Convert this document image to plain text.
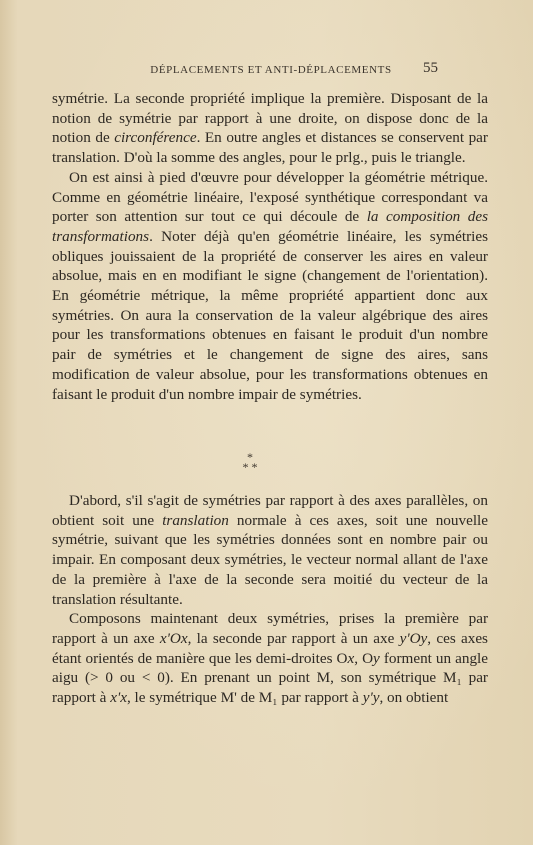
DÉPLACEMENTS ET ANTI-DÉPLACEMENTS	55

symétrie. La seconde propriété implique la première. Disposant de la notion de symétrie par rapport à une droite, on dispose donc de la notion de circonférence. En outre angles et distances se conservent par translation. D'où la somme des angles, pour le prlg., puis le triangle.

On est ainsi à pied d'œuvre pour développer la géométrie métrique. Comme en géométrie linéaire, l'exposé synthétique correspondant va porter son attention sur tout ce qui découle de la composition des transformations. Noter déjà qu'en géométrie linéaire, les symétries obliques jouissaient de la propriété de conserver les aires en valeur absolue, mais en en modifiant le signe (changement de l'orientation). En géométrie métrique, la même propriété appartient donc aux symétries. On aura la conservation de la valeur algébrique des aires pour les transformations obtenues en faisant le produit d'un nombre pair de symétries et le changement de signe des aires, sans modification de valeur absolue, pour les transformations obtenues en faisant le produit d'un nombre impair de symétries.

*
* *

D'abord, s'il s'agit de symétries par rapport à des axes parallèles, on obtient soit une translation normale à ces axes, soit une nouvelle symétrie, suivant que les symétries données sont en nombre pair ou impair. En composant deux symétries, le vecteur normal allant de l'axe de la première à l'axe de la seconde sera moitié du vecteur de la translation résultante.

Composons maintenant deux symétries, prises la première par rapport à un axe x'Ox, la seconde par rapport à un axe y'Oy, ces axes étant orientés de manière que les demi-droites Ox, Oy forment un angle aigu (> 0 ou < 0). En prenant un point M, son symétrique M₁ par rapport à x'x, le symétrique M' de M₁ par rapport à y'y, on obtient
